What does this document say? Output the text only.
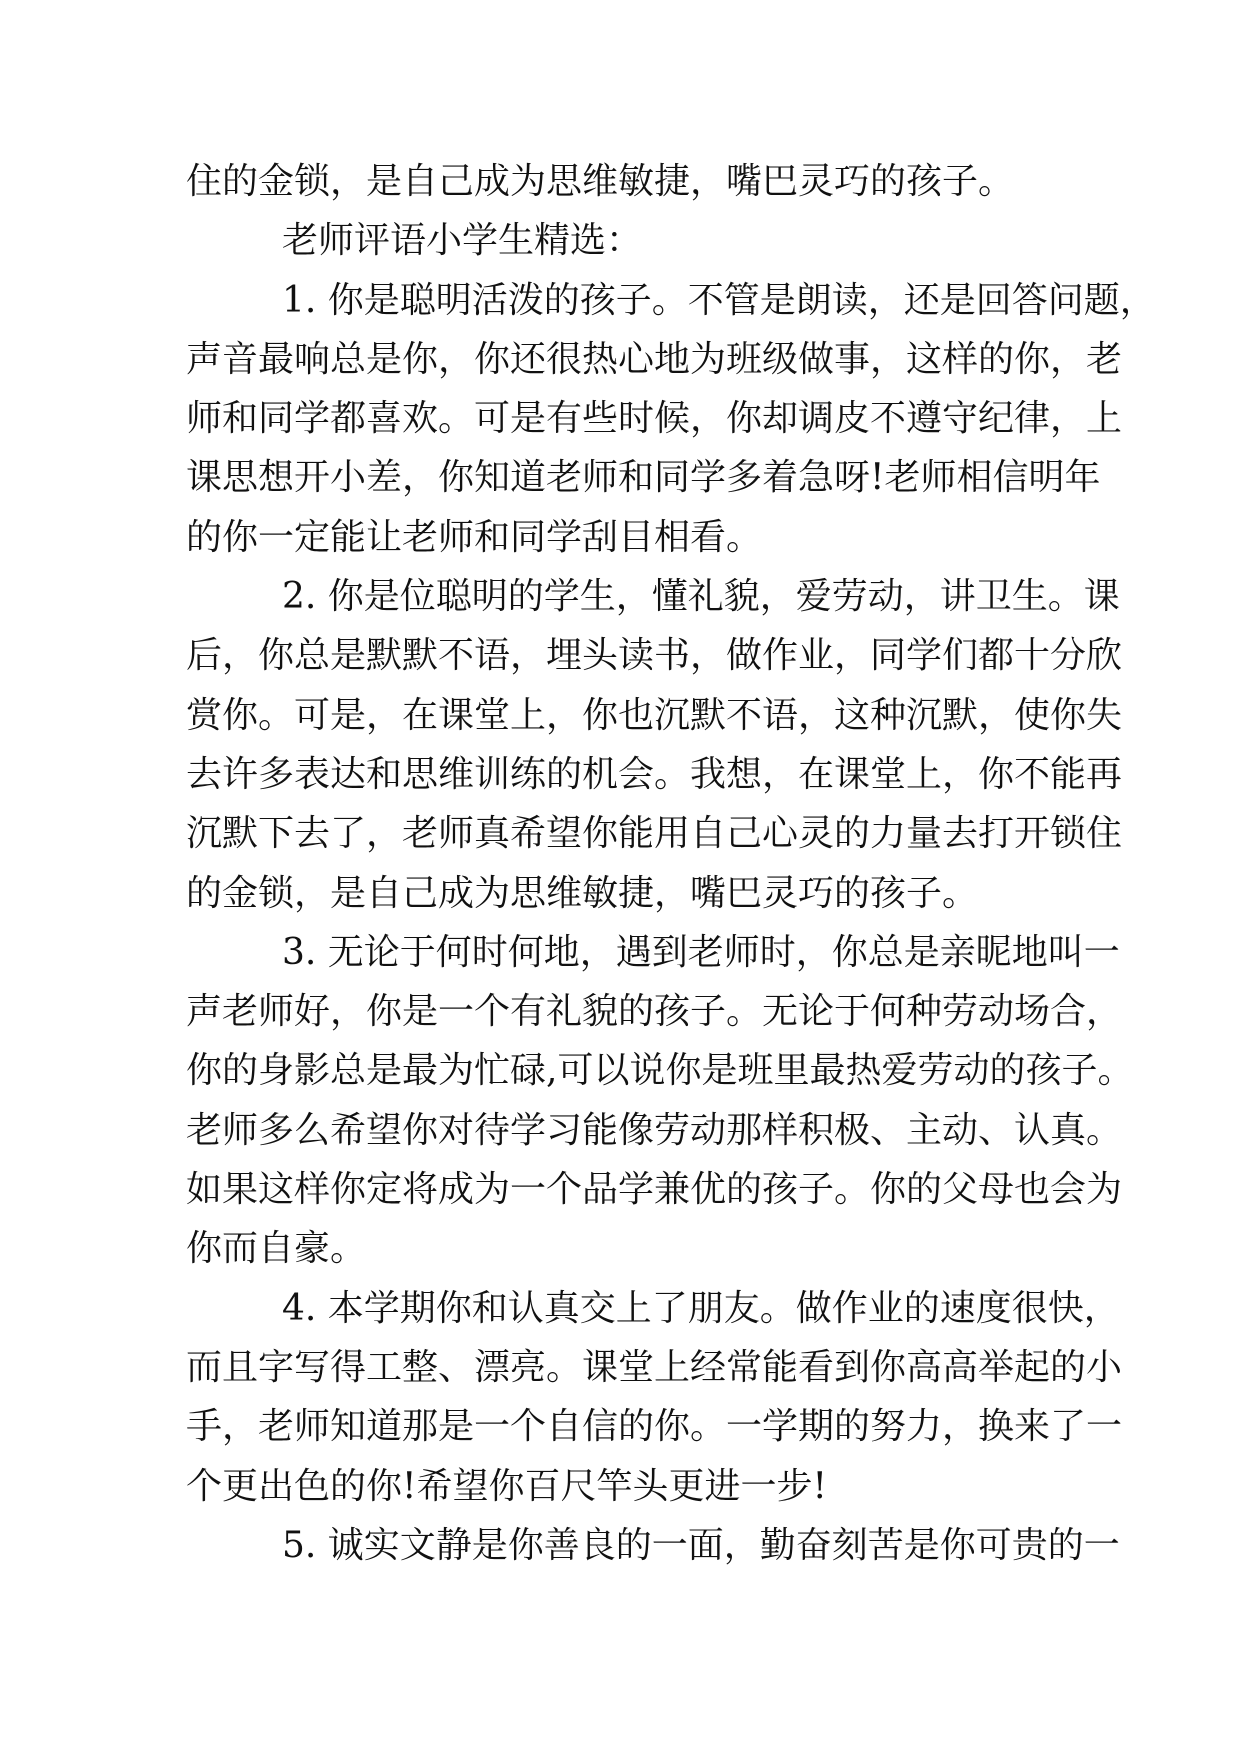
住的金锁，是自己成为思维敏捷，嘴巴灵巧的孩子。

老师评语小学生精选：

1. 你是聪明活泼的孩子。不管是朗读，还是回答问题，
声音最响总是你，你还很热心地为班级做事，这样的你，老
师和同学都喜欢。可是有些时候，你却调皮不遵守纪律，上
课思想开小差，你知道老师和同学多着急呀!老师相信明年
的你一定能让老师和同学刮目相看。

2. 你是位聪明的学生，懂礼貌，爱劳动，讲卫生。课
后，你总是默默不语，埋头读书，做作业，同学们都十分欣
赏你。可是，在课堂上，你也沉默不语，这种沉默，使你失
去许多表达和思维训练的机会。我想，在课堂上，你不能再
沉默下去了，老师真希望你能用自己心灵的力量去打开锁住
的金锁，是自己成为思维敏捷，嘴巴灵巧的孩子。

3. 无论于何时何地，遇到老师时，你总是亲昵地叫一
声老师好，你是一个有礼貌的孩子。无论于何种劳动场合，
你的身影总是最为忙碌,可以说你是班里最热爱劳动的孩子。
老师多么希望你对待学习能像劳动那样积极、主动、认真。
如果这样你定将成为一个品学兼优的孩子。你的父母也会为
你而自豪。

4. 本学期你和认真交上了朋友。做作业的速度很快，
而且字写得工整、漂亮。课堂上经常能看到你高高举起的小
手，老师知道那是一个自信的你。一学期的努力，换来了一
个更出色的你!希望你百尺竿头更进一步!

5. 诚实文静是你善良的一面，勤奋刻苦是你可贵的一
